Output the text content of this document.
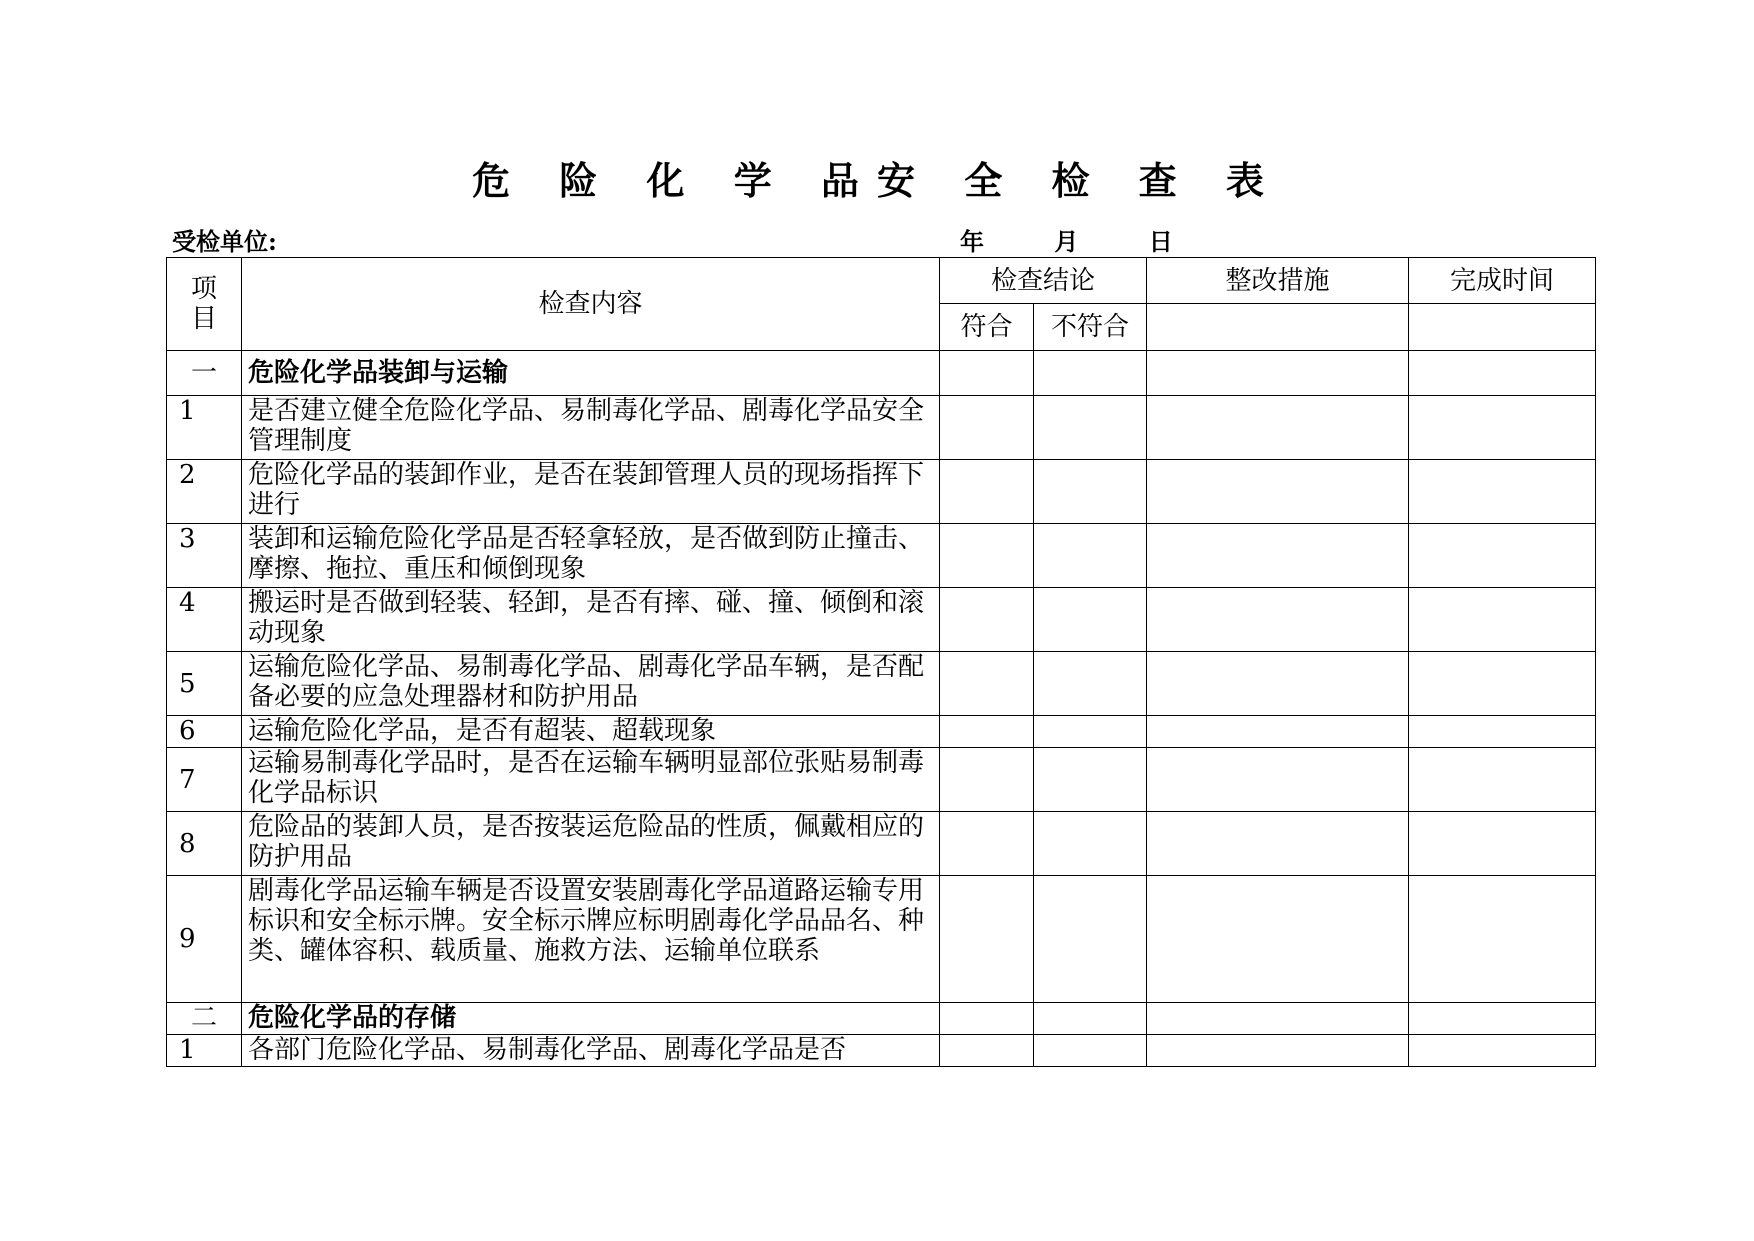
危 险 化 学 品安 全 检 查 表
受检单位:	年	月	日
项
目	检查内容	检查结论		整改措施	完成时间
		符合	不符合		
一	危险化学品装卸与运输				
1	是否建立健全危险化学品、易制毒化学品、剧毒化学品安全管理制度				
2	危险化学品的装卸作业，是否在装卸管理人员的现场指挥下进行				
3	装卸和运输危险化学品是否轻拿轻放，是否做到防止撞击、摩擦、拖拉、重压和倾倒现象				
4	搬运时是否做到轻装、轻卸，是否有摔、碰、撞、倾倒和滚动现象				
5	运输危险化学品、易制毒化学品、剧毒化学品车辆，是否配备必要的应急处理器材和防护用品				
6	运输危险化学品，是否有超装、超载现象				
7	运输易制毒化学品时，是否在运输车辆明显部位张贴易制毒化学品标识				
8	危险品的装卸人员，是否按装运危险品的性质，佩戴相应的防护用品				
9	剧毒化学品运输车辆是否设置安装剧毒化学品道路运输专用标识和安全标示牌。安全标示牌应标明剧毒化学品品名、种类、罐体容积、载质量、施救方法、运输单位联系				
二	危险化学品的存储				
1	各部门危险化学品、易制毒化学品、剧毒化学品是否				
